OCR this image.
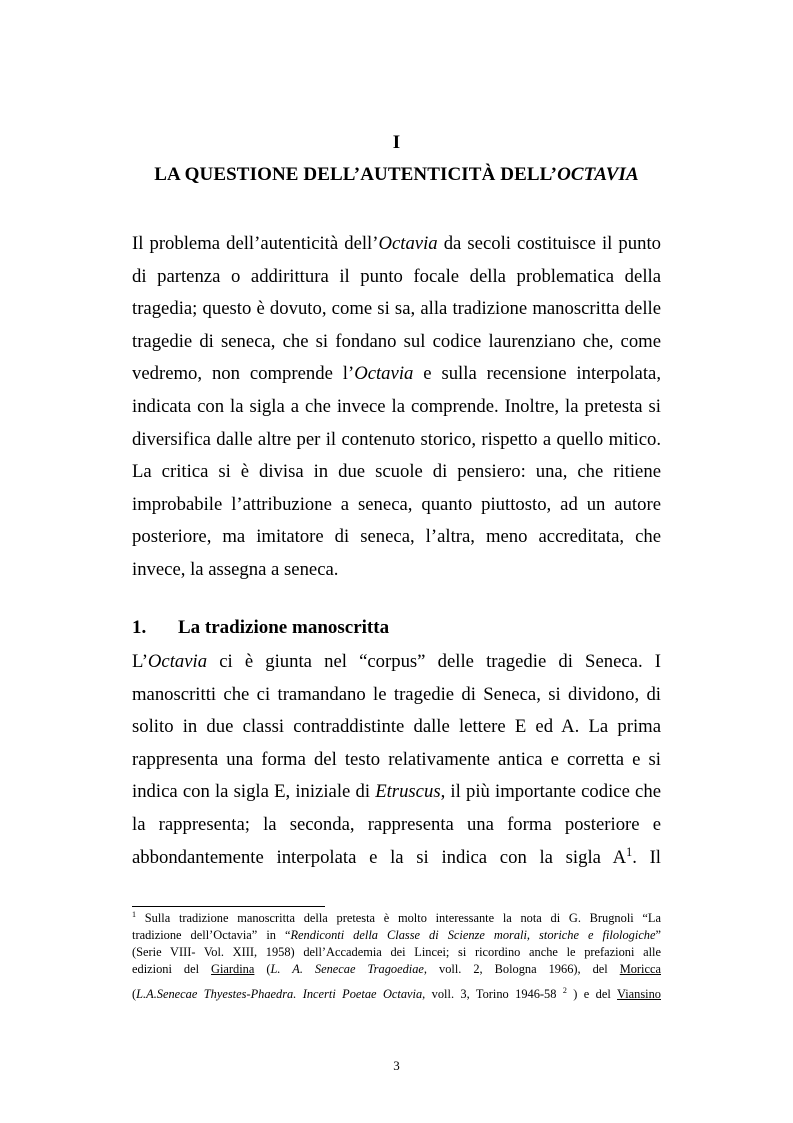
I
LA QUESTIONE DELL’AUTENTICITÀ DELL’OCTAVIA
Il problema dell’autenticità dell’Octavia da secoli costituisce il punto
di partenza o addirittura il punto focale della problematica della
tragedia; questo è dovuto, come si sa, alla tradizione manoscritta delle
tragedie di seneca, che si fondano sul codice laurenziano che, come
vedremo, non comprende l’Octavia e sulla recensione interpolata,
indicata con la sigla a che invece la comprende. Inoltre, la pretesta si
diversifica dalle altre per il contenuto storico, rispetto a quello mitico.
La critica si è divisa in due scuole di pensiero: una, che ritiene
improbabile l’attribuzione a seneca, quanto piuttosto, ad un autore
posteriore, ma imitatore di seneca, l’altra, meno accreditata, che
invece, la assegna a seneca.
1. La tradizione manoscritta
L’Octavia ci è giunta nel “corpus” delle tragedie di Seneca. I
manoscritti che ci tramandano le tragedie di Seneca, si dividono, di
solito in due classi contraddistinte dalle lettere E ed A. La prima
rappresenta una forma del testo relativamente antica e corretta e si
indica con la sigla E, iniziale di Etruscus, il più importante codice che
la rappresenta; la seconda, rappresenta una forma posteriore e
abbondantemente interpolata e la si indica con la sigla $A^1$. Il
$^1$ Sulla tradizione manoscritta della pretesta è molto interessante la nota di G. Brugnoli “La
tradizione dell’Octavia” in “Rendiconti della Classe di Scienze morali, storiche e filologiche”
(Serie VIII- Vol. XIII, 1958) dell’Accademia dei Lincei; si ricordino anche le prefazioni alle
edizioni del Giardina (L. A. Senecae Tragoediae, voll. 2, Bologna 1966), del Moricca
(L.A.Senecae Thyestes-Phaedra. Incerti Poetae Octavia, voll. 3, Torino 1946-58 $^2$ ) e del Viansino
3
